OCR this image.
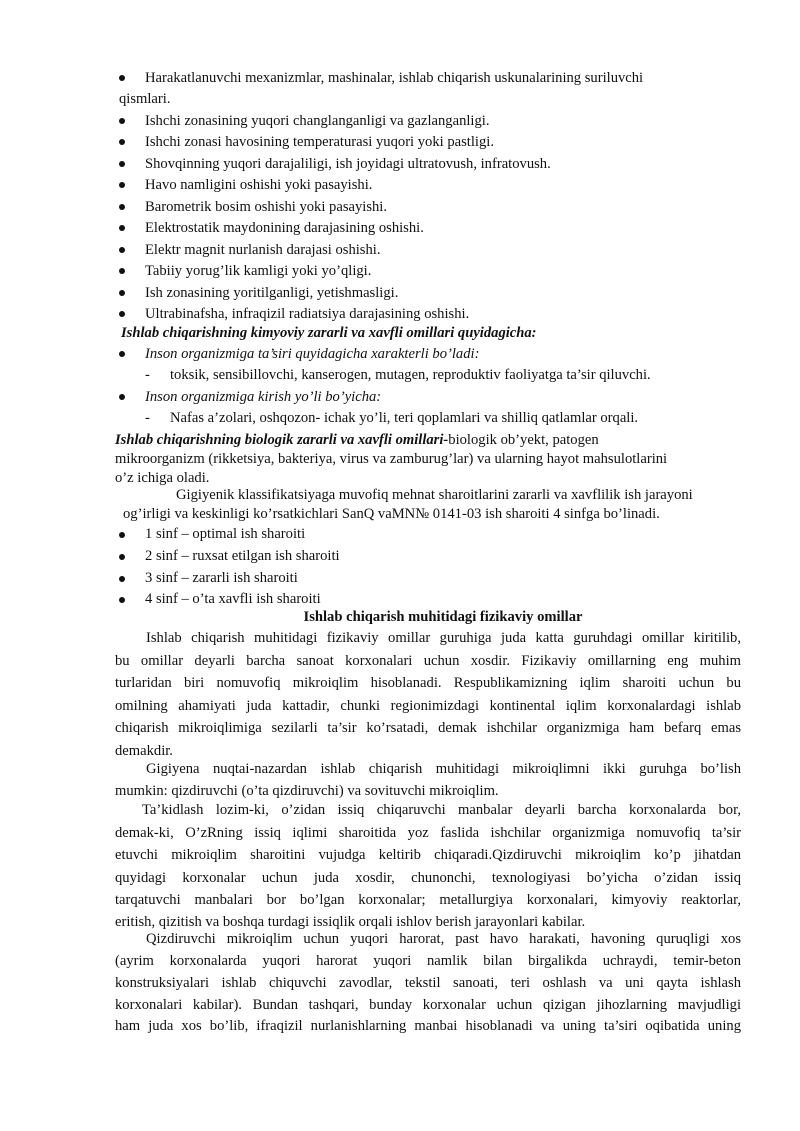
Harakatlanuvchi mexanizmlar, mashinalar, ishlab chiqarish uskunalarining suriluvchi
qismlari.
Ishchi zonasining yuqori changlanganligi va gazlanganligi.
Ishchi zonasi havosining temperaturasi yuqori yoki pastligi.
Shovqinning yuqori darajaliligi, ish joyidagi ultratovush, infratovush.
Havo namligini oshishi yoki pasayishi.
Barometrik bosim oshishi yoki pasayishi.
Elektrostatik maydonining darajasining oshishi.
Elektr magnit nurlanish darajasi oshishi.
Tabiiy yorug’lik kamligi yoki yo’qligi.
Ish zonasining yoritilganligi, yetishmasligi.
Ultrabinafsha, infraqizil radiatsiya darajasining oshishi.
Ishlab chiqarishning kimyoviy zararli va xavfli omillari quyidagicha:
Inson organizmiga ta’siri quyidagicha xarakterli bo’ladi:
- toksik, sensibillovchi, kanserogen, mutagen, reproduktiv faoliyatga ta’sir qiluvchi.
Inson organizmiga kirish yo’li bo’yicha:
- Nafas a’zolari, oshqozon- ichak yo’li, teri qoplamlari va shilliq qatlamlar orqali.
Ishlab chiqarishning biologik zararli va xavfli omillari-biologik ob’yekt, patogen
mikroorganizm (rikketsiya, bakteriya, virus va zamburug’lar) va ularning hayot mahsulotlarini
o’z ichiga oladi.
Gigiyenik klassifikatsiyaga muvofiq mehnat sharoitlarini zararli va xavflilik ish jarayoni
og’irligi va keskinligi ko’rsatkichlari SanQ vaMN№ 0141-03 ish sharoiti 4 sinfga bo’linadi.
1 sinf – optimal ish sharoiti
2 sinf – ruxsat etilgan ish sharoiti
3 sinf – zararli ish sharoiti
4 sinf – o’ta xavfli ish sharoiti
Ishlab chiqarish muhitidagi fizikaviy omillar
Ishlab chiqarish muhitidagi fizikaviy omillar guruhiga juda katta guruhdagi omillar kiritilib,
bu omillar deyarli barcha sanoat korxonalari uchun xosdir. Fizikaviy omillarning eng muhim
turlaridan biri nomuvofiq mikroiqlim hisoblanadi. Respublikamizning iqlim sharoiti uchun bu
omilning ahamiyati juda kattadir, chunki regionimizdagi kontinental iqlim korxonalardagi ishlab
chiqarish mikroiqlimiga sezilarli ta’sir ko’rsatadi, demak ishchilar organizmiga ham befarq emas
demakdir.
Gigiyena nuqtai-nazardan ishlab chiqarish muhitidagi mikroiqlimni ikki guruhga bo’lish
mumkin: qizdiruvchi (o’ta qizdiruvchi) va sovituvchi mikroiqlim.
Ta’kidlash lozim-ki, o’zidan issiq chiqaruvchi manbalar deyarli barcha korxonalarda bor,
demak-ki, O’zRning issiq iqlimi sharoitida yoz faslida ishchilar organizmiga nomuvofiq ta’sir
etuvchi mikroiqlim sharoitini vujudga keltirib chiqaradi.Qizdiruvchi mikroiqlim ko’p jihatdan
quyidagi korxonalar uchun juda xosdir, chunonchi, texnologiyasi bo’yicha o’zidan issiq
tarqatuvchi manbalari bor bo’lgan korxonalar; metallurgiya korxonalari, kimyoviy reaktorlar,
eritish, qizitish va boshqa turdagi issiqlik orqali ishlov berish jarayonlari kabilar.
Qizdiruvchi mikroiqlim uchun yuqori harorat, past havo harakati, havoning quruqligi xos
(ayrim korxonalarda yuqori harorat yuqori namlik bilan birgalikda uchraydi, temir-beton
konstruksiyalari ishlab chiquvchi zavodlar, tekstil sanoati, teri oshlash va uni qayta ishlash
korxonalari kabilar). Bundan tashqari, bunday korxonalar uchun qizigan jihozlarning mavjudligi
ham juda xos bo’lib, ifraqizil nurlanishlarning manbai hisoblanadi va uning ta’siri oqibatida uning
